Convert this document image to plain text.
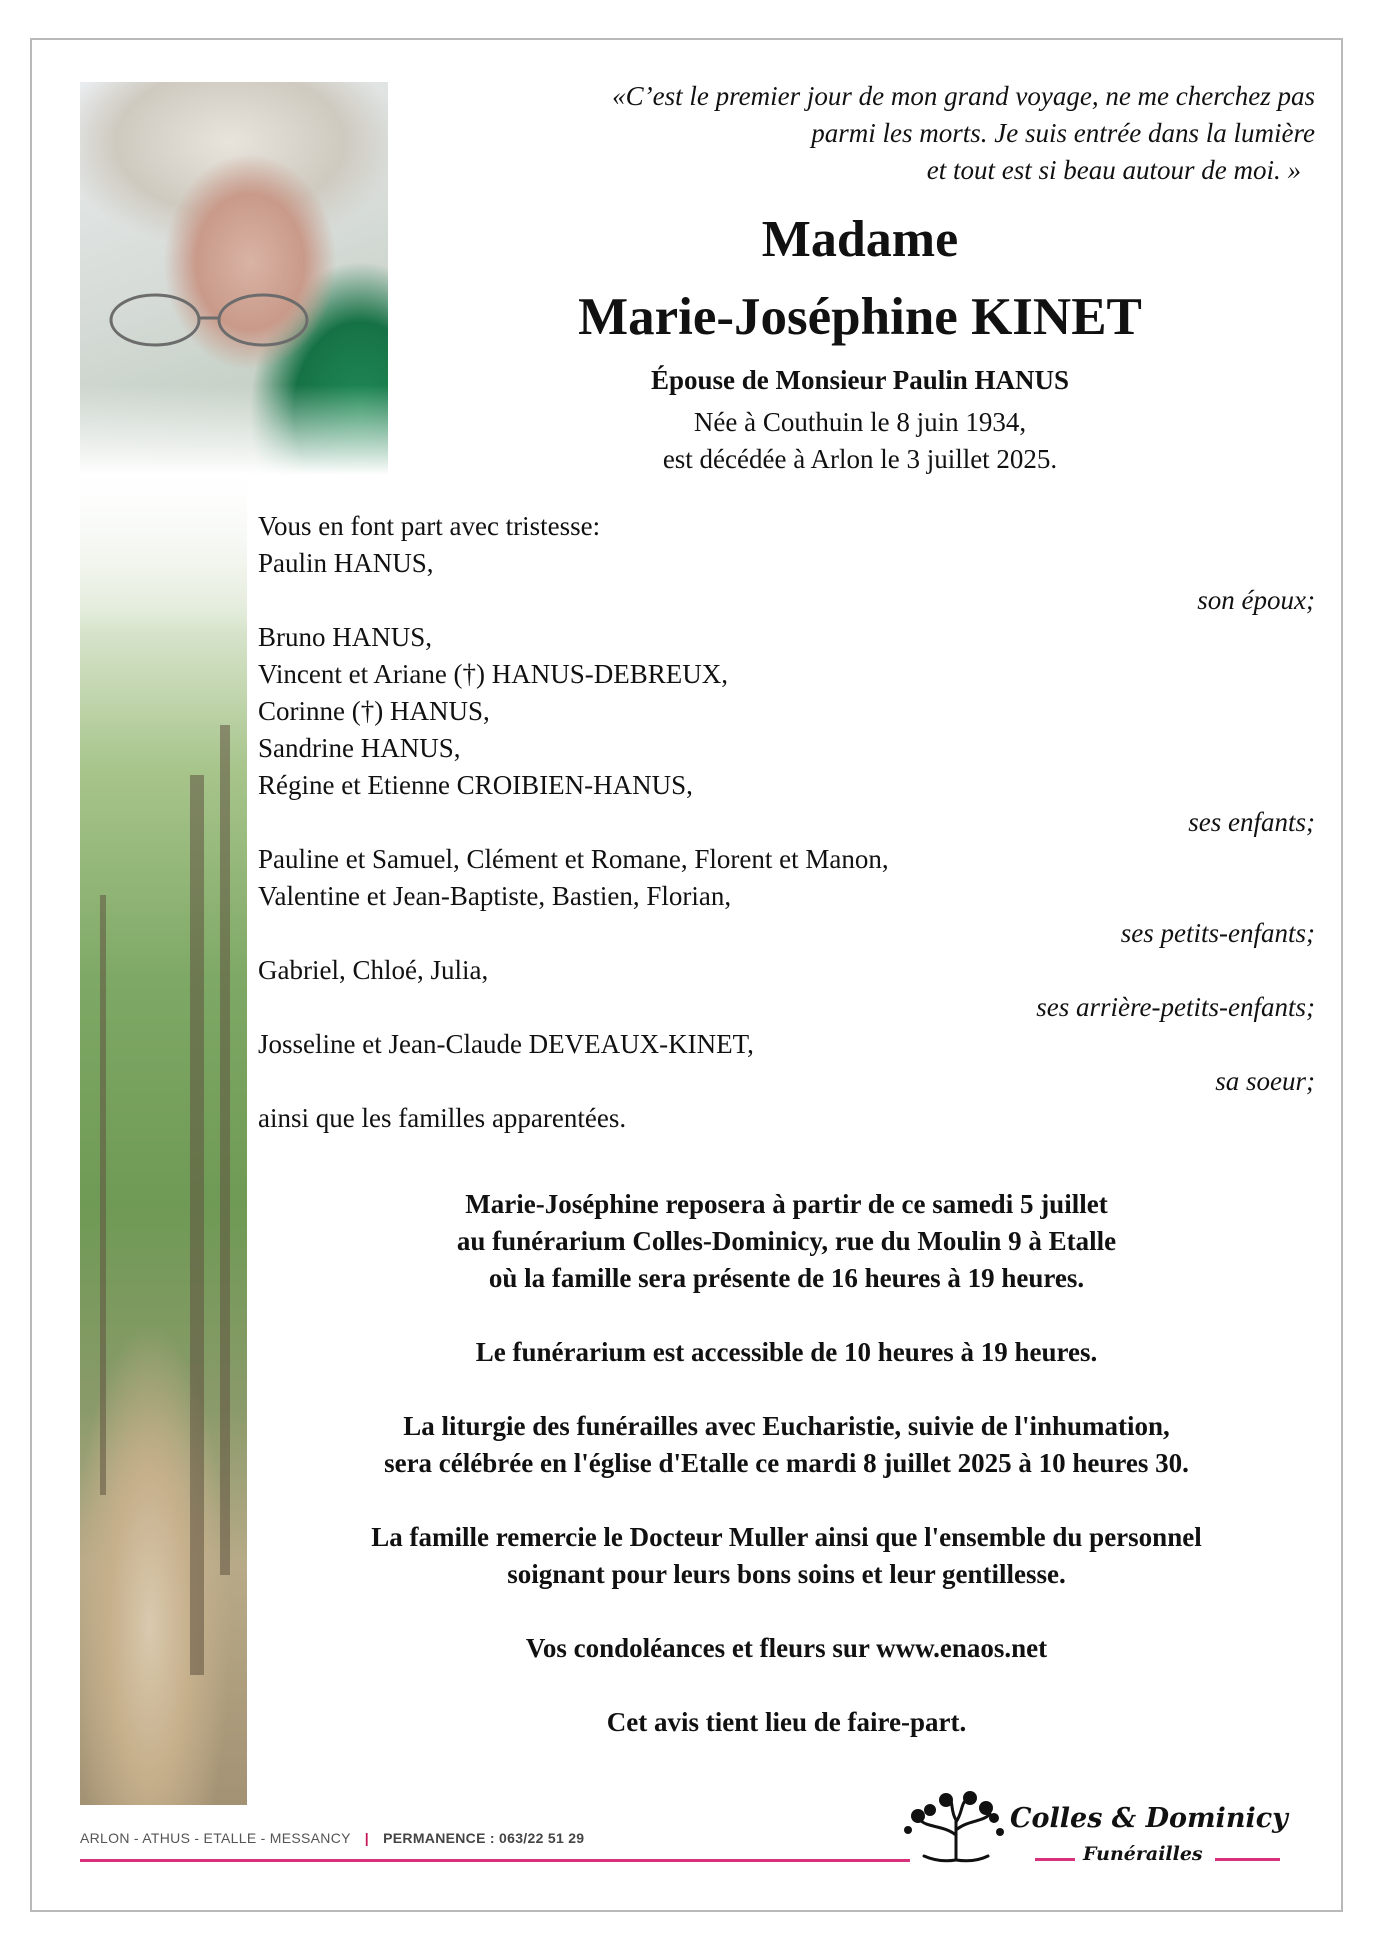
«C’est le premier jour de mon grand voyage, ne me cherchez pas
parmi les morts. Je suis entrée dans la lumière
et tout est si beau autour de moi. »
Madame
Marie-Joséphine KINET
Épouse de Monsieur Paulin HANUS
Née à Couthuin le 8 juin 1934,
est décédée à Arlon le 3 juillet 2025.
Vous en font part avec tristesse:
Paulin HANUS,
son époux;
Bruno HANUS,
Vincent et Ariane (†) HANUS-DEBREUX,
Corinne (†) HANUS,
Sandrine HANUS,
Régine et Etienne CROIBIEN-HANUS,
ses enfants;
Pauline et Samuel, Clément et Romane, Florent et Manon,
Valentine et Jean-Baptiste, Bastien, Florian,
ses petits-enfants;
Gabriel, Chloé, Julia,
ses arrière-petits-enfants;
Josseline et Jean-Claude DEVEAUX-KINET,
sa soeur;
ainsi que les familles apparentées.

Marie-Joséphine reposera à partir de ce samedi 5 juillet
au funérarium Colles-Dominicy, rue du Moulin 9 à Etalle
où la famille sera présente de 16 heures à 19 heures.

Le funérarium est accessible de 10 heures à 19 heures.

La liturgie des funérailles avec Eucharistie, suivie de l'inhumation,
sera célébrée en l'église d'Etalle ce mardi 8 juillet 2025 à 10 heures 30.

La famille remercie le Docteur Muller ainsi que l'ensemble du personnel
soignant pour leurs bons soins et leur gentillesse.

Vos condoléances et fleurs sur www.enaos.net

Cet avis tient lieu de faire-part.

ARLON - ATHUS - ETALLE - MESSANCY | PERMANENCE : 063/22 51 29
Colles & Dominicy
Funérailles
